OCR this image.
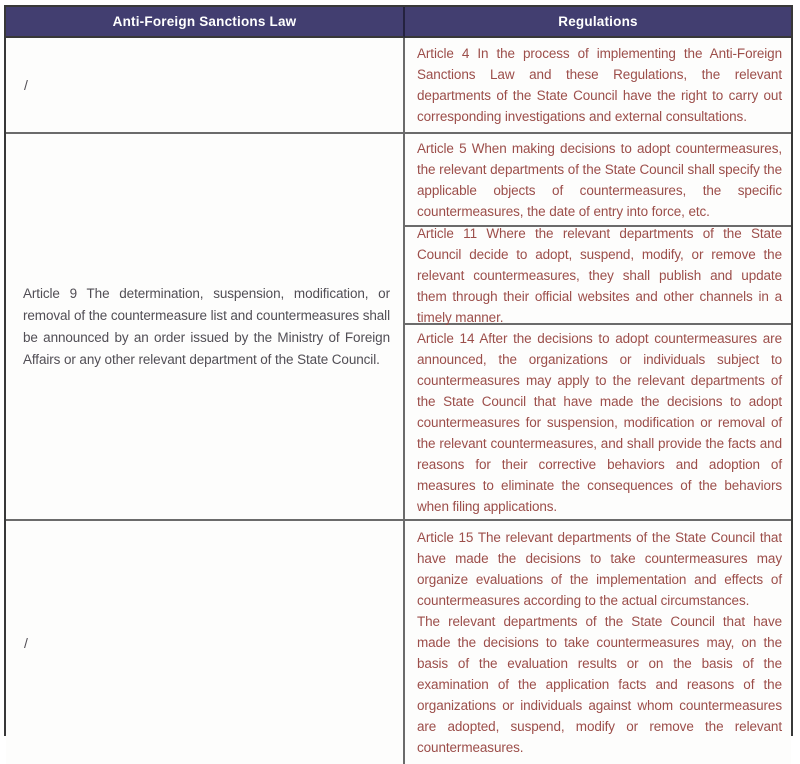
Anti-Foreign Sanctions Law	Regulations
/

Article 4 In the process of implementing the Anti-Foreign Sanctions Law and these Regulations, the relevant departments of the State Council have the right to carry out corresponding investigations and external consultations.

Article 9 The determination, suspension, modification, or removal of the countermeasure list and countermeasures shall be announced by an order issued by the Ministry of Foreign Affairs or any other relevant department of the State Council.

Article 5 When making decisions to adopt countermeasures, the relevant departments of the State Council shall specify the applicable objects of countermeasures, the specific countermeasures, the date of entry into force, etc.

Article 11 Where the relevant departments of the State Council decide to adopt, suspend, modify, or remove the relevant countermeasures, they shall publish and update them through their official websites and other channels in a timely manner.

Article 14 After the decisions to adopt countermeasures are announced, the organizations or individuals subject to countermeasures may apply to the relevant departments of the State Council that have made the decisions to adopt countermeasures for suspension, modification or removal of the relevant countermeasures, and shall provide the facts and reasons for their corrective behaviors and adoption of measures to eliminate the consequences of the behaviors when filing applications.

/

Article 15 The relevant departments of the State Council that have made the decisions to take countermeasures may organize evaluations of the implementation and effects of countermeasures according to the actual circumstances.

The relevant departments of the State Council that have made the decisions to take countermeasures may, on the basis of the evaluation results or on the basis of the examination of the application facts and reasons of the organizations or individuals against whom countermeasures are adopted, suspend, modify or remove the relevant countermeasures.
